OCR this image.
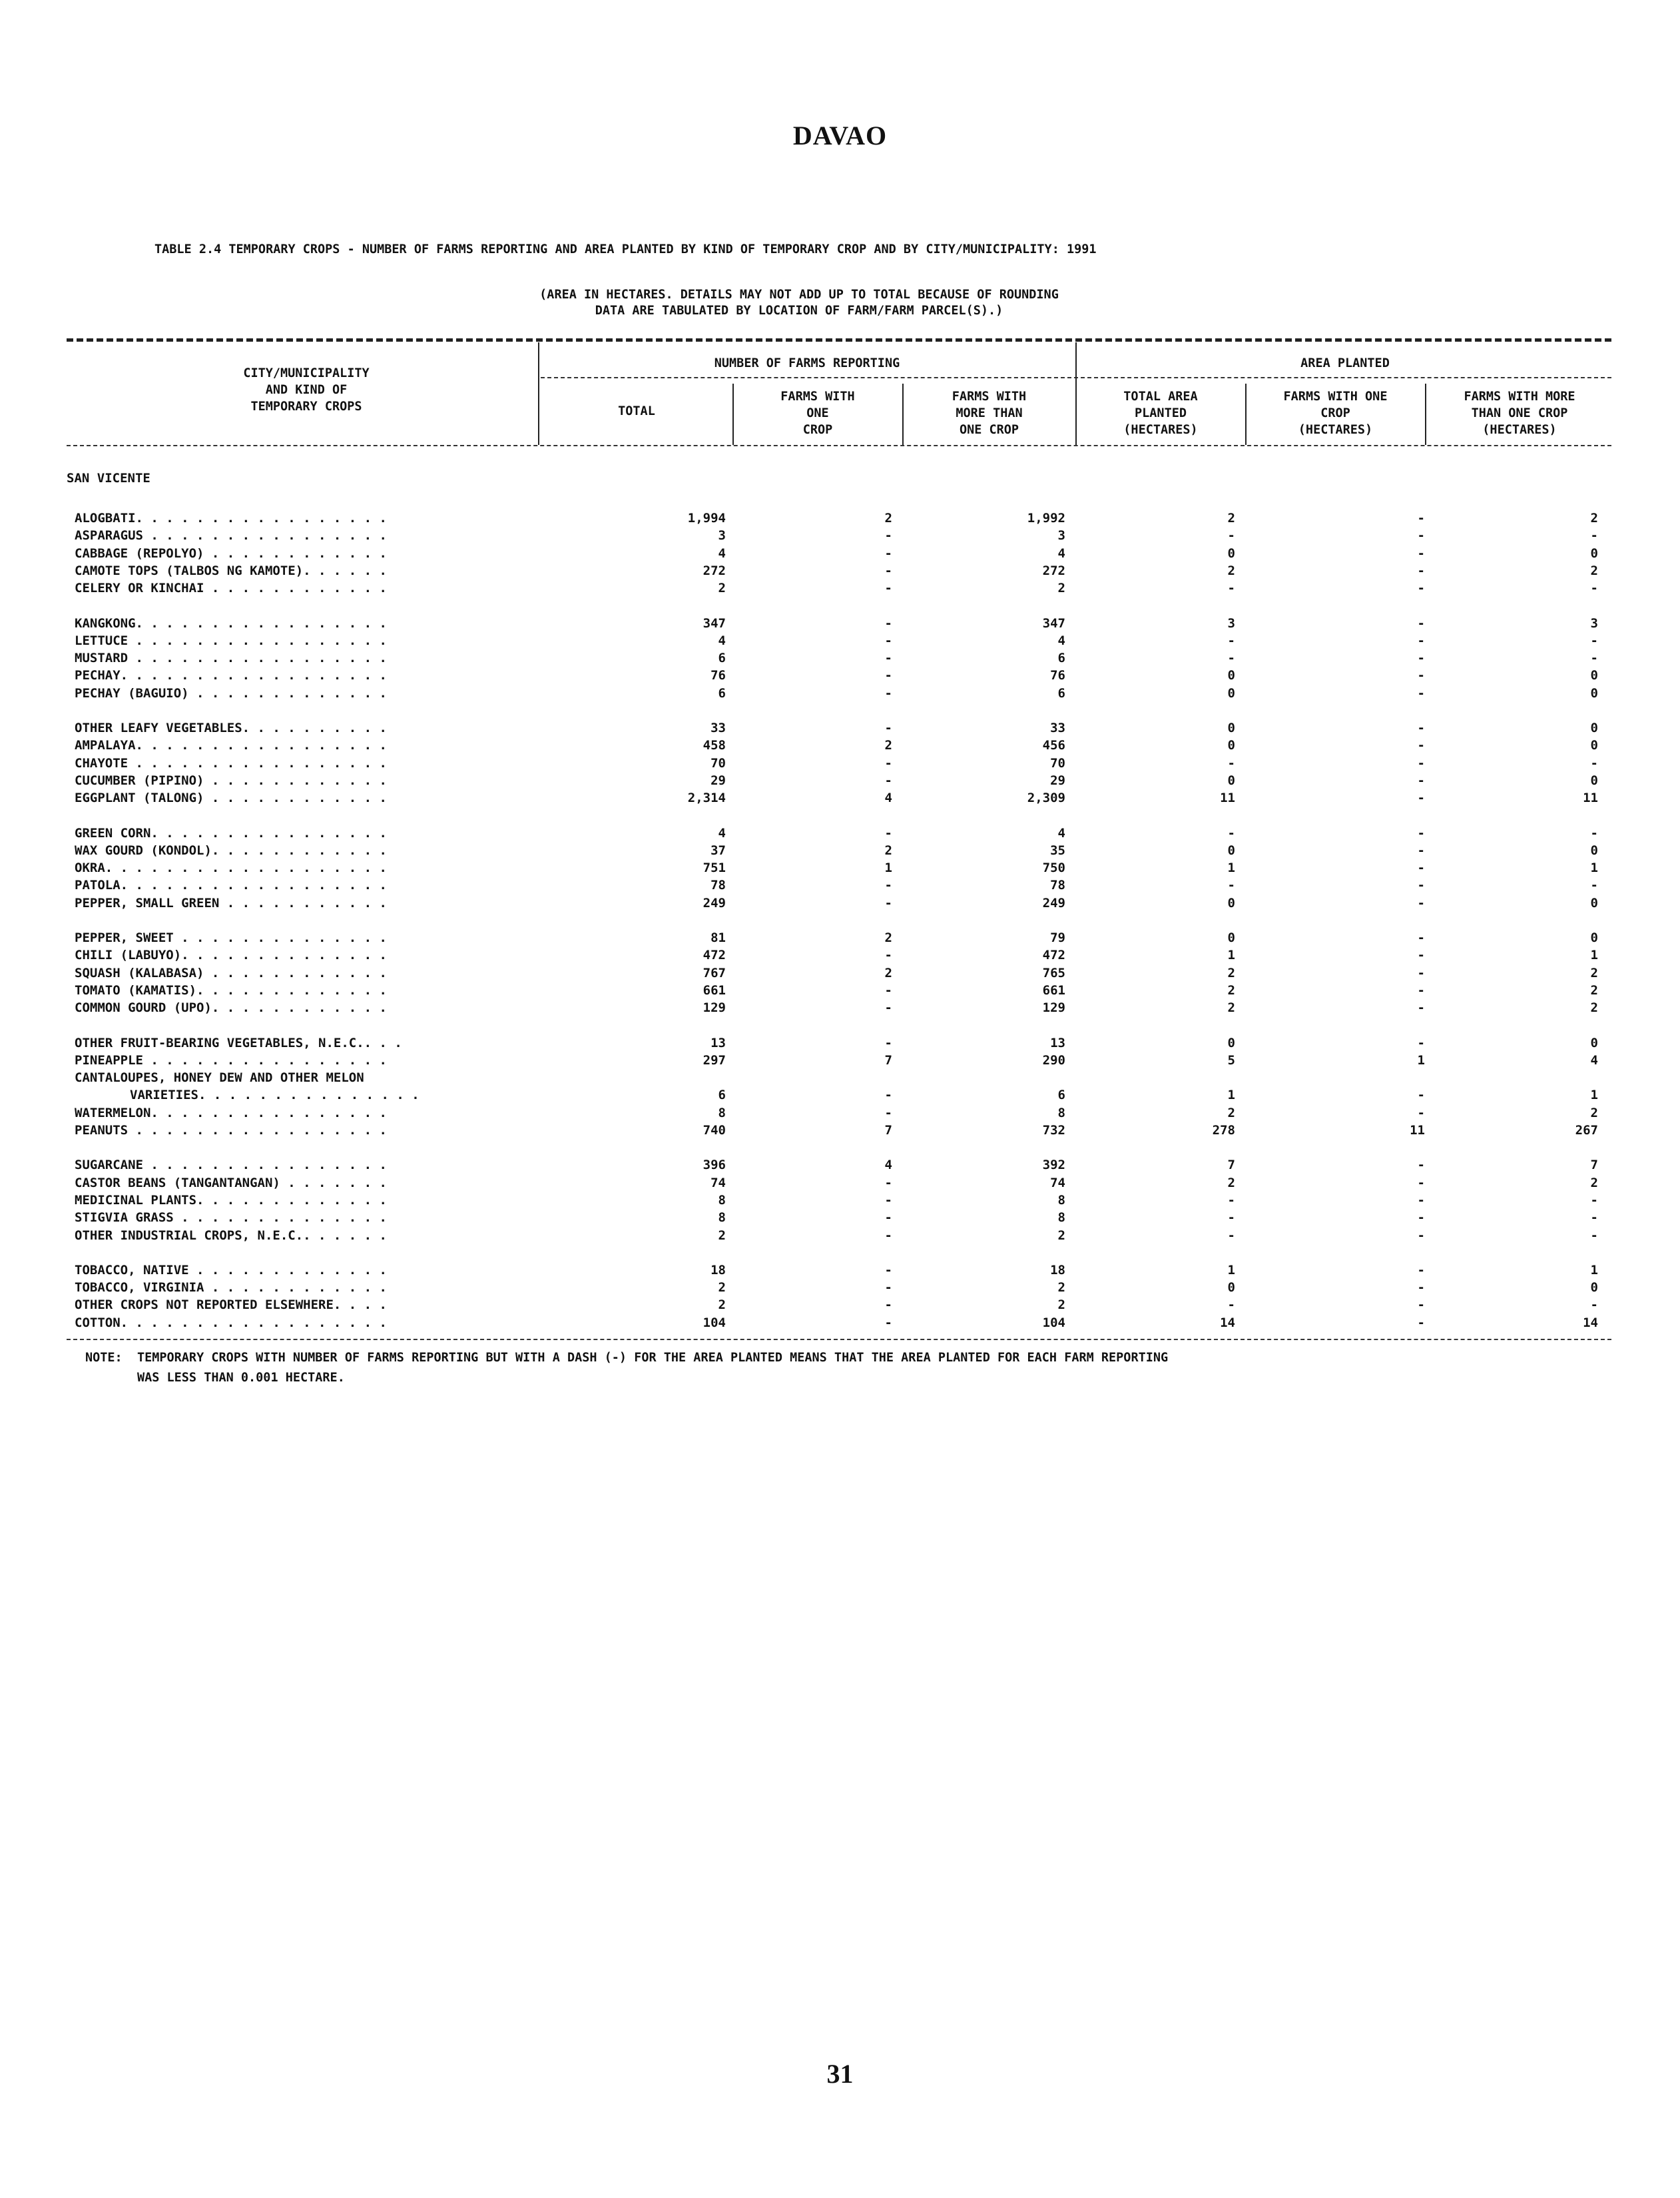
DAVAO
TABLE 2.4 TEMPORARY CROPS - NUMBER OF FARMS REPORTING AND AREA PLANTED BY KIND OF TEMPORARY CROP AND BY CITY/MUNICIPALITY: 1991
(AREA IN HECTARES. DETAILS MAY NOT ADD UP TO TOTAL BECAUSE OF ROUNDING
DATA ARE TABULATED BY LOCATION OF FARM/FARM PARCEL(S).)
CITY/MUNICIPALITY
AND KIND OF
TEMPORARY CROPS
NUMBER OF FARMS REPORTING	AREA PLANTED
TOTAL
FARMS WITH
ONE
CROP
FARMS WITH
MORE THAN
ONE CROP
TOTAL AREA
PLANTED
(HECTARES)
FARMS WITH ONE
CROP
(HECTARES)
FARMS WITH MORE
THAN ONE CROP
(HECTARES)
SAN VICENTE
ALOGBATI. . . . . . . . . . . . . . . . .	1,994	2	1,992	2	-	2
ASPARAGUS . . . . . . . . . . . . . . . .	3	-	3	-	-	-
CABBAGE (REPOLYO) . . . . . . . . . . . .	4	-	4	0	-	0
CAMOTE TOPS (TALBOS NG KAMOTE). . . . . .	272	-	272	2	-	2
CELERY OR KINCHAI . . . . . . . . . . . .	2	-	2	-	-	-
KANGKONG. . . . . . . . . . . . . . . . .	347	-	347	3	-	3
LETTUCE . . . . . . . . . . . . . . . . .	4	-	4	-	-	-
MUSTARD . . . . . . . . . . . . . . . . .	6	-	6	-	-	-
PECHAY. . . . . . . . . . . . . . . . . .	76	-	76	0	-	0
PECHAY (BAGUIO) . . . . . . . . . . . . .	6	-	6	0	-	0
OTHER LEAFY VEGETABLES. . . . . . . . . .	33	-	33	0	-	0
AMPALAYA. . . . . . . . . . . . . . . . .	458	2	456	0	-	0
CHAYOTE . . . . . . . . . . . . . . . . .	70	-	70	-	-	-
CUCUMBER (PIPINO) . . . . . . . . . . . .	29	-	29	0	-	0
EGGPLANT (TALONG) . . . . . . . . . . . .	2,314	4	2,309	11	-	11
GREEN CORN. . . . . . . . . . . . . . . .	4	-	4	-	-	-
WAX GOURD (KONDOL). . . . . . . . . . . .	37	2	35	0	-	0
OKRA. . . . . . . . . . . . . . . . . . .	751	1	750	1	-	1
PATOLA. . . . . . . . . . . . . . . . . .	78	-	78	-	-	-
PEPPER, SMALL GREEN . . . . . . . . . . .	249	-	249	0	-	0
PEPPER, SWEET . . . . . . . . . . . . . .	81	2	79	0	-	0
CHILI (LABUYO). . . . . . . . . . . . . .	472	-	472	1	-	1
SQUASH (KALABASA) . . . . . . . . . . . .	767	2	765	2	-	2
TOMATO (KAMATIS). . . . . . . . . . . . .	661	-	661	2	-	2
COMMON GOURD (UPO). . . . . . . . . . . .	129	-	129	2	-	2
OTHER FRUIT-BEARING VEGETABLES, N.E.C.. . .	13	-	13	0	-	0
PINEAPPLE . . . . . . . . . . . . . . . .	297	7	290	5	1	4
CANTALOUPES, HONEY DEW AND OTHER MELON
VARIETIES. . . . . . . . . . . . . . .	6	-	6	1	-	1
WATERMELON. . . . . . . . . . . . . . . .	8	-	8	2	-	2
PEANUTS . . . . . . . . . . . . . . . . .	740	7	732	278	11	267
SUGARCANE . . . . . . . . . . . . . . . .	396	4	392	7	-	7
CASTOR BEANS (TANGANTANGAN) . . . . . . .	74	-	74	2	-	2
MEDICINAL PLANTS. . . . . . . . . . . . .	8	-	8	-	-	-
STIGVIA GRASS . . . . . . . . . . . . . .	8	-	8	-	-	-
OTHER INDUSTRIAL CROPS, N.E.C.. . . . . .	2	-	2	-	-	-
TOBACCO, NATIVE . . . . . . . . . . . . .	18	-	18	1	-	1
TOBACCO, VIRGINIA . . . . . . . . . . . .	2	-	2	0	-	0
OTHER CROPS NOT REPORTED ELSEWHERE. . . .	2	-	2	-	-	-
COTTON. . . . . . . . . . . . . . . . . .	104	-	104	14	-	14
NOTE:  TEMPORARY CROPS WITH NUMBER OF FARMS REPORTING BUT WITH A DASH (-) FOR THE AREA PLANTED MEANS THAT THE AREA PLANTED FOR EACH FARM REPORTING
WAS LESS THAN 0.001 HECTARE.
31
